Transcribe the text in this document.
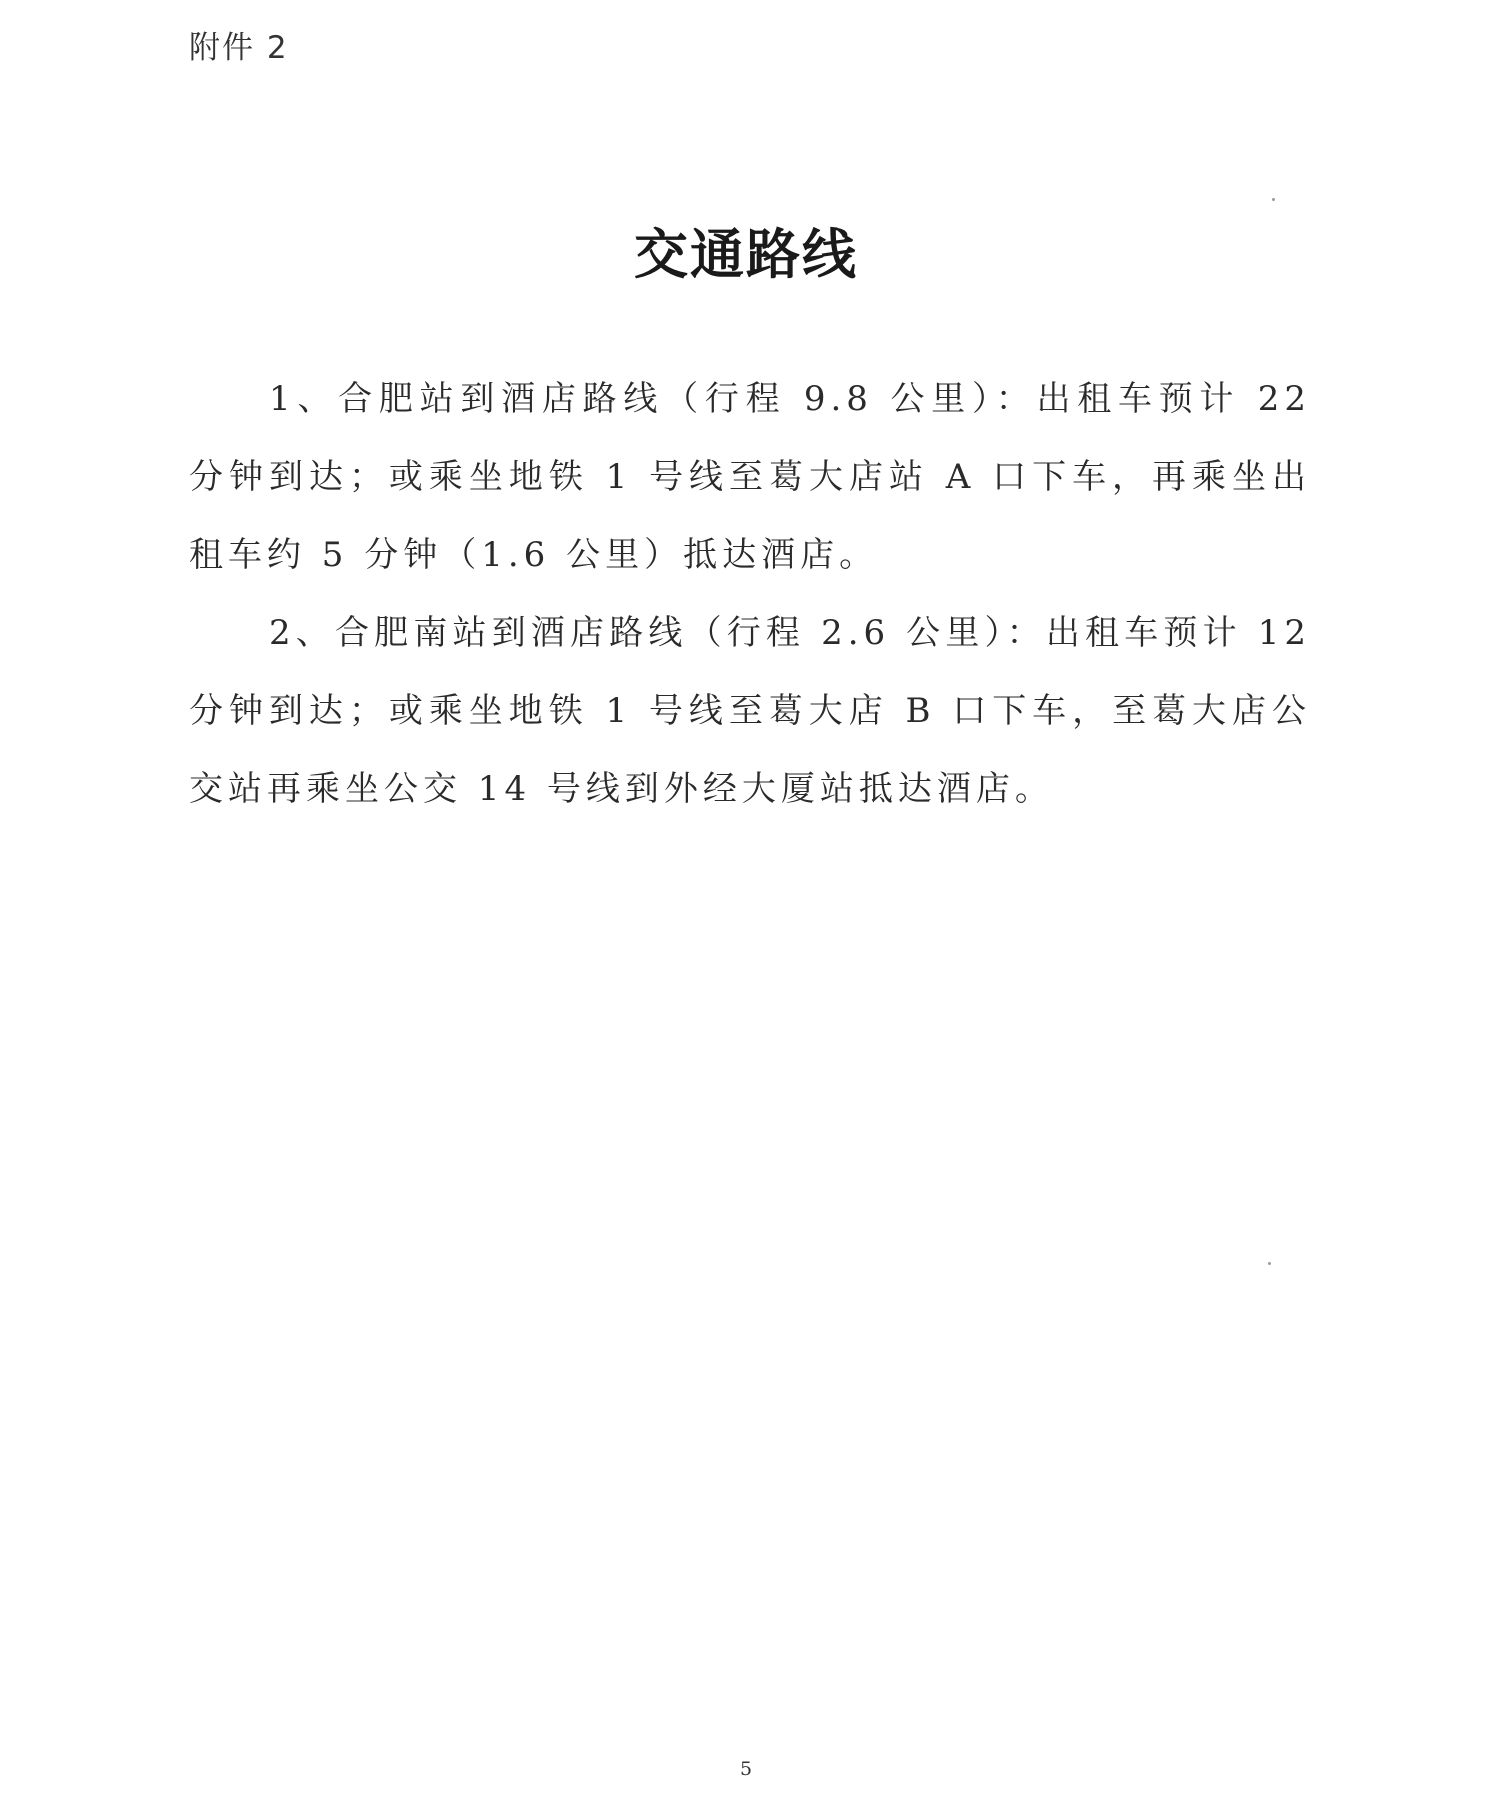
附件 2
交通路线

1、合肥站到酒店路线（行程 9.8 公里）：出租车预计 22 分钟到达；或乘坐地铁 1 号线至葛大店站 A 口下车，再乘坐出租车约 5 分钟（1.6 公里）抵达酒店。

2、合肥南站到酒店路线（行程 2.6 公里）：出租车预计 12 分钟到达；或乘坐地铁 1 号线至葛大店 B 口下车，至葛大店公交站再乘坐公交 14 号线到外经大厦站抵达酒店。

5
